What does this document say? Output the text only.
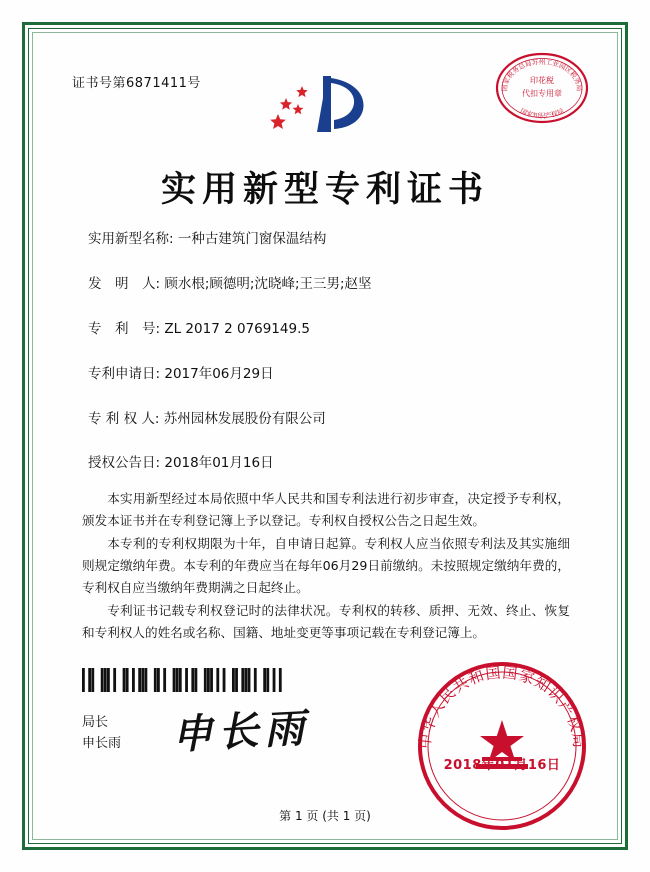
证书号第6871411号	国家税务总局苏州工业园区税务局
国家知识产权局
印花税
代扣专用章
实用新型专利证书
实用新型名称: 一种古建筑门窗保温结构
发　明　人: 顾水根;顾德明;沈晓峰;王三男;赵坚
专　利　号: ZL 2017 2 0769149.5
专利申请日: 2017年06月29日
专 利 权 人: 苏州园林发展股份有限公司
授权公告日: 2018年01月16日

本实用新型经过本局依照中华人民共和国专利法进行初步审查，决定授予专利权，颁发本证书并在专利登记簿上予以登记。专利权自授权公告之日起生效。

本专利的专利权期限为十年，自申请日起算。专利权人应当依照专利法及其实施细则规定缴纳年费。本专利的年费应当在每年06月29日前缴纳。未按照规定缴纳年费的，专利权自应当缴纳年费期满之日起终止。

专利证书记载专利权登记时的法律状况。专利权的转移、质押、无效、终止、恢复和专利权人的姓名或名称、国籍、地址变更等事项记载在专利登记簿上。

局长
申长雨 申长雨	中华人民共和国国家知识产权局
2018年01月16日
第 1 页 (共 1 页)
